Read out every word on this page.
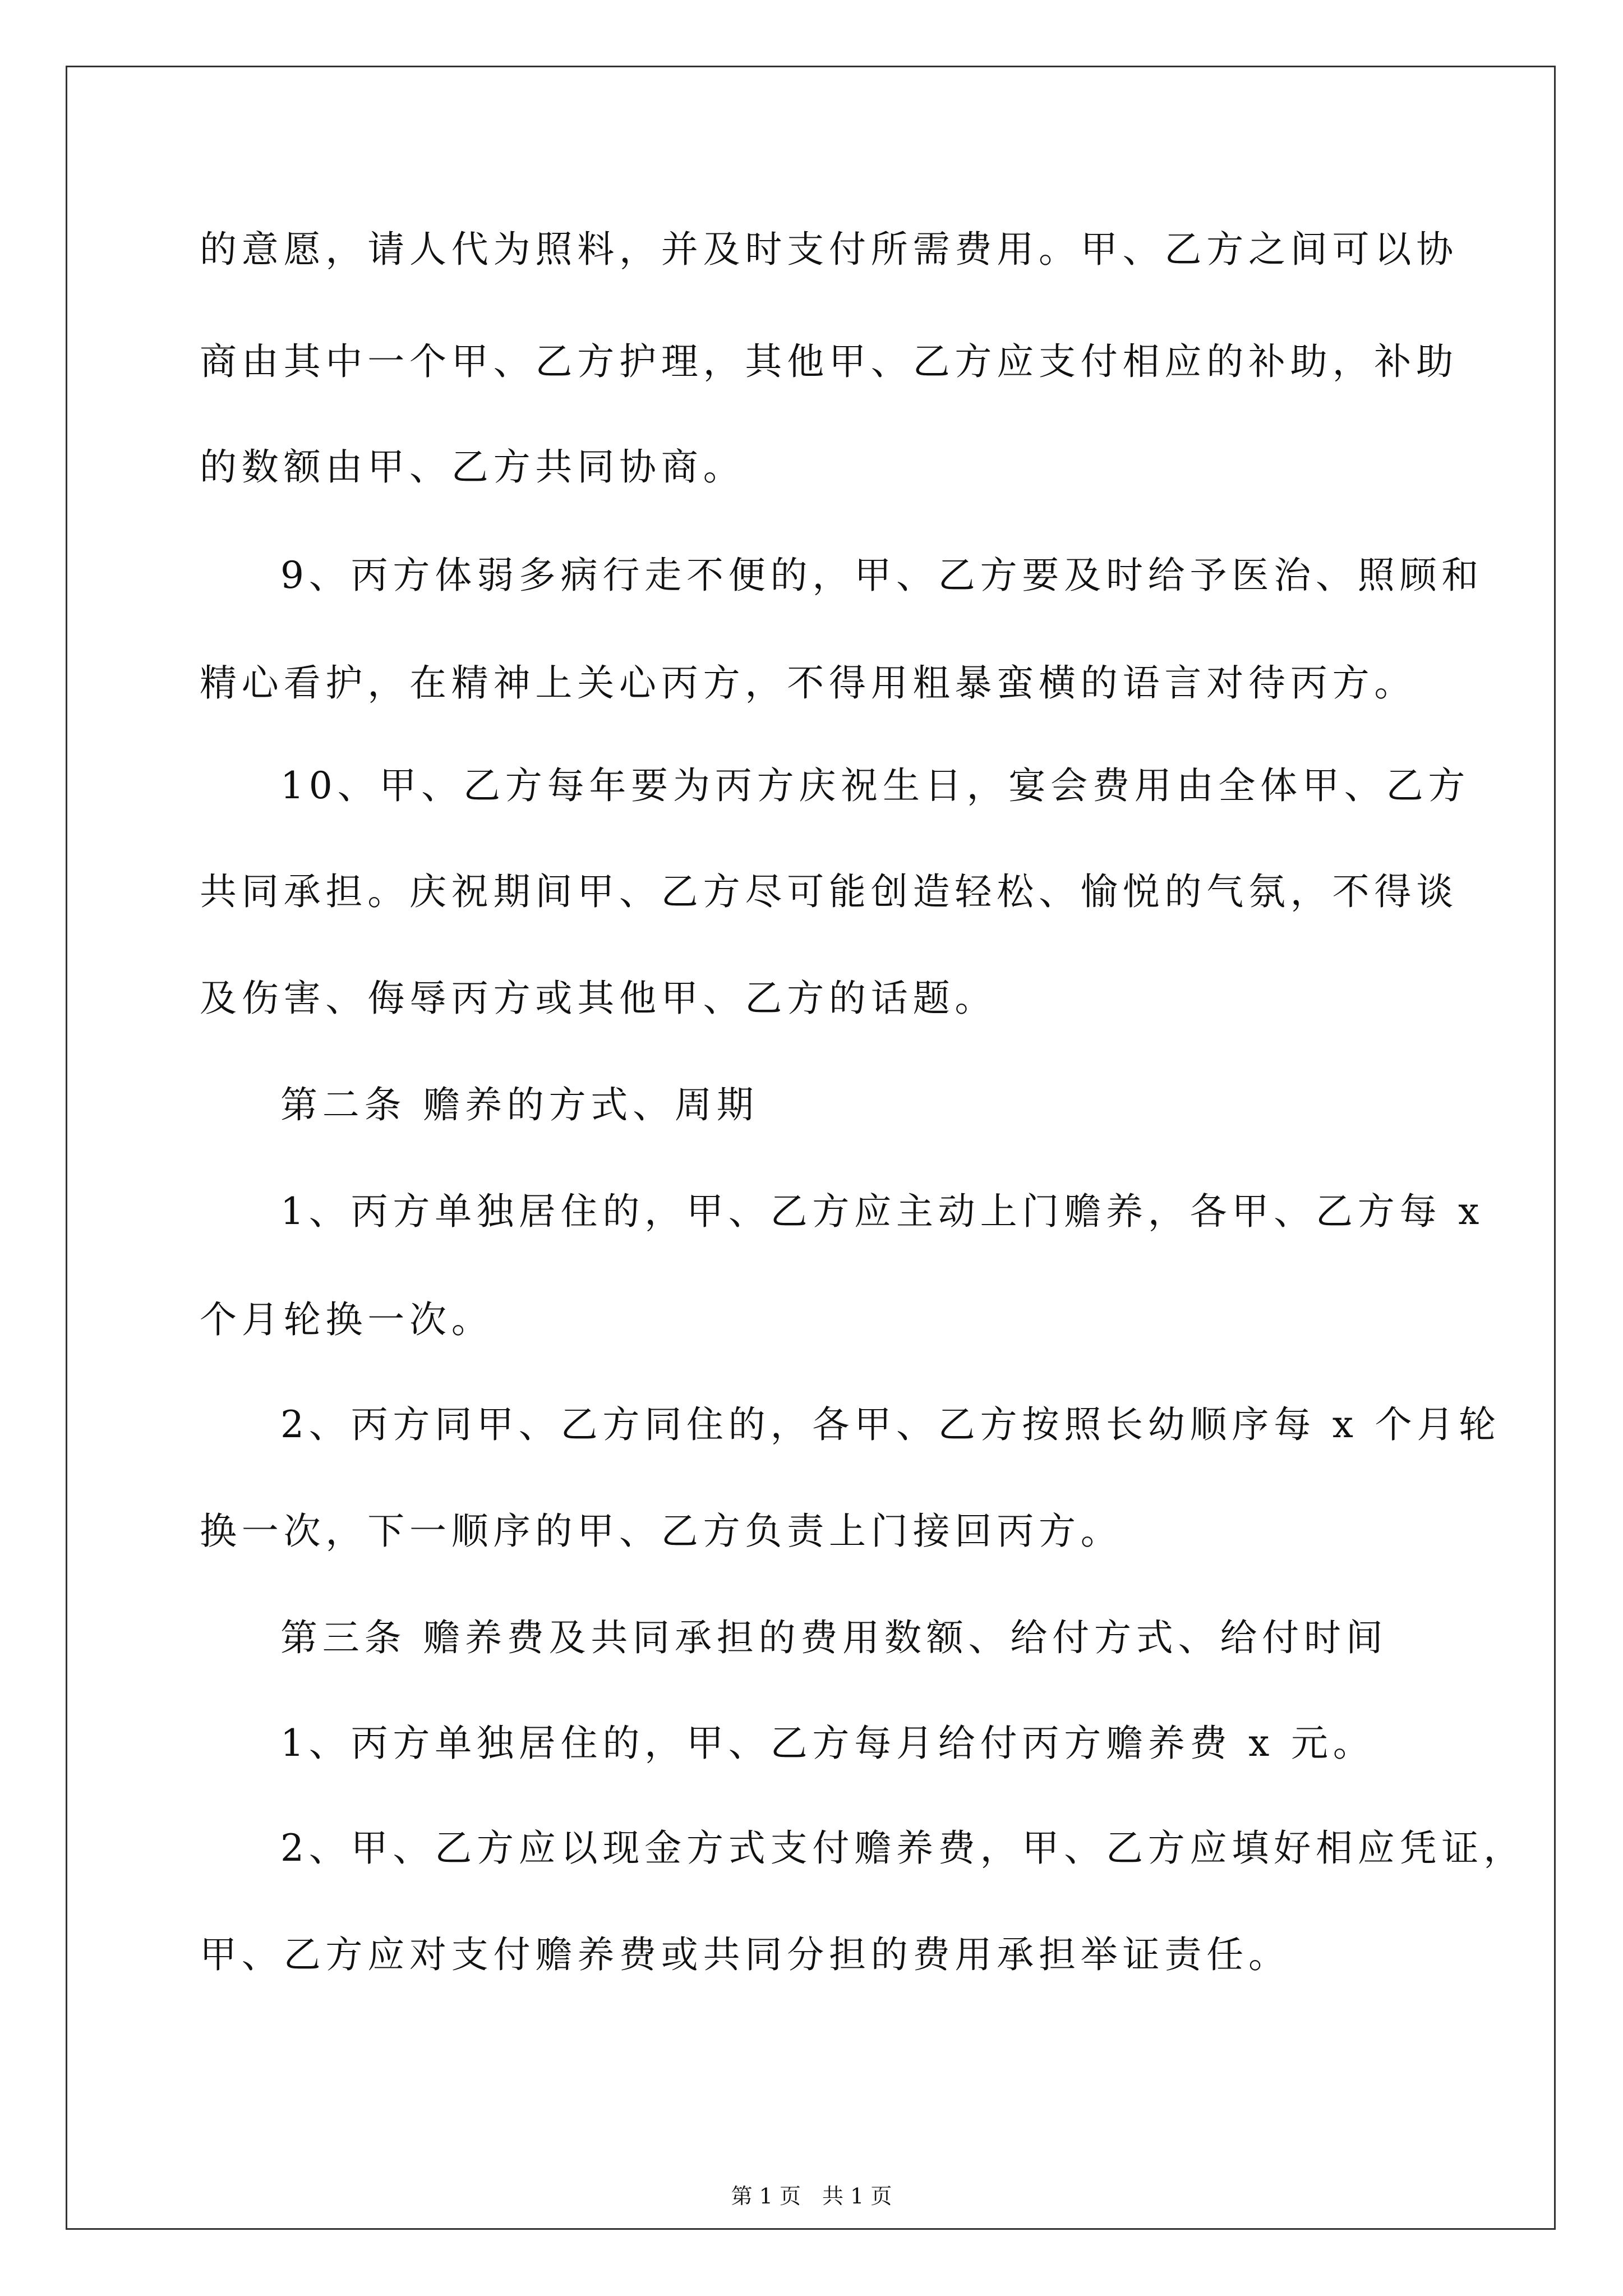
的意愿，请人代为照料，并及时支付所需费用。甲、乙方之间可以协
商由其中一个甲、乙方护理，其他甲、乙方应支付相应的补助，补助
的数额由甲、乙方共同协商。
9、丙方体弱多病行走不便的，甲、乙方要及时给予医治、照顾和
精心看护，在精神上关心丙方，不得用粗暴蛮横的语言对待丙方。
10、甲、乙方每年要为丙方庆祝生日，宴会费用由全体甲、乙方
共同承担。庆祝期间甲、乙方尽可能创造轻松、愉悦的气氛，不得谈
及伤害、侮辱丙方或其他甲、乙方的话题。
第二条 赡养的方式、周期
1、丙方单独居住的，甲、乙方应主动上门赡养，各甲、乙方每 x
个月轮换一次。
2、丙方同甲、乙方同住的，各甲、乙方按照长幼顺序每 x 个月轮
换一次，下一顺序的甲、乙方负责上门接回丙方。
第三条 赡养费及共同承担的费用数额、给付方式、给付时间
1、丙方单独居住的，甲、乙方每月给付丙方赡养费 x 元。
2、甲、乙方应以现金方式支付赡养费，甲、乙方应填好相应凭证，
甲、乙方应对支付赡养费或共同分担的费用承担举证责任。
第 1 页　共 1 页
